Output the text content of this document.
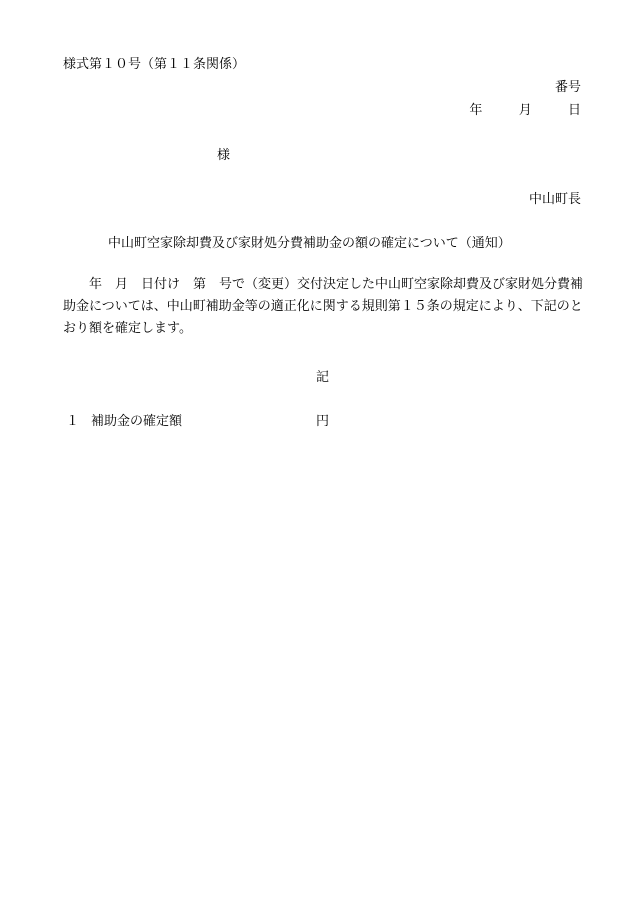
様式第１０号（第１１条関係）
番号
年	月	日
様
中山町長
中山町空家除却費及び家財処分費補助金の額の確定について（通知）
年　月　日付け　第　号で（変更）交付決定した中山町空家除却費及び家財処分費補助金については、中山町補助金等の適正化に関する規則第１５条の規定により、下記のとおり額を確定します。
記
１ 補助金の確定額	円
